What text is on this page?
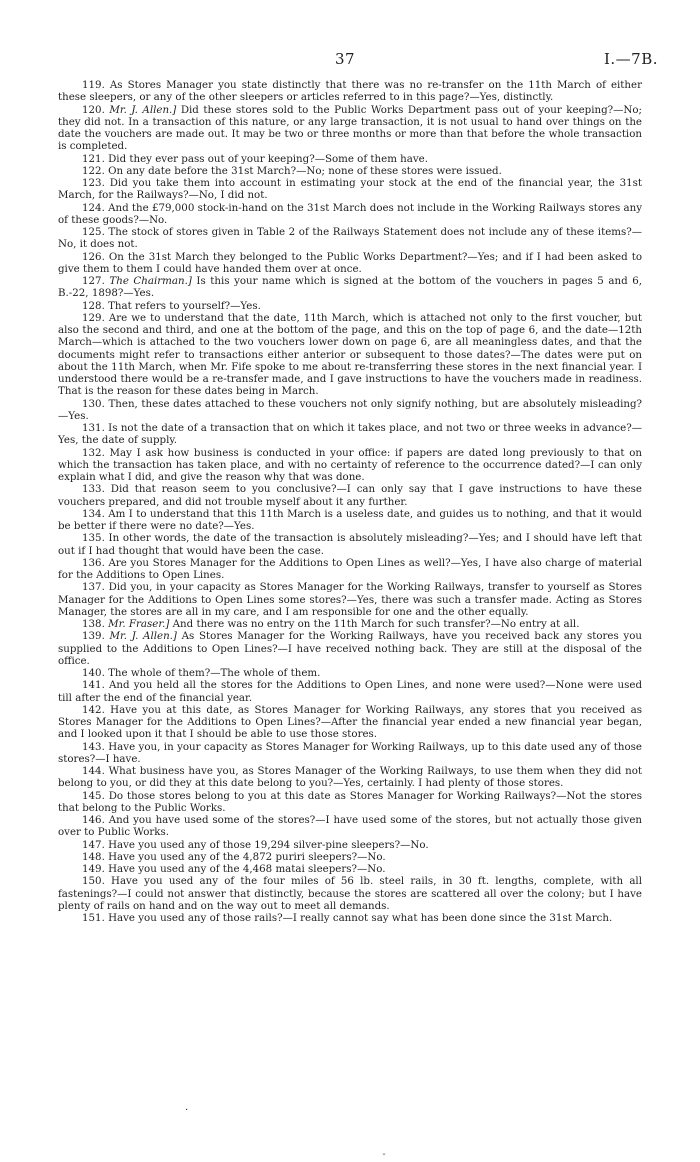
37	I.—7B.

119. As Stores Manager you state distinctly that there was no re-transfer on the 11th March of either these sleepers, or any of the other sleepers or articles referred to in this page?—Yes, distinctly.

120. Mr. J. Allen.] Did these stores sold to the Public Works Department pass out of your keeping?—No; they did not. In a transaction of this nature, or any large transaction, it is not usual to hand over things on the date the vouchers are made out. It may be two or three months or more than that before the whole transaction is completed.

121. Did they ever pass out of your keeping?—Some of them have.

122. On any date before the 31st March?—No; none of these stores were issued.

123. Did you take them into account in estimating your stock at the end of the financial year, the 31st March, for the Railways?—No, I did not.

124. And the £79,000 stock-in-hand on the 31st March does not include in the Working Railways stores any of these goods?—No.

125. The stock of stores given in Table 2 of the Railways Statement does not include any of these items?—No, it does not.

126. On the 31st March they belonged to the Public Works Department?—Yes; and if I had been asked to give them to them I could have handed them over at once.

127. The Chairman.] Is this your name which is signed at the bottom of the vouchers in pages 5 and 6, B.-22, 1898?—Yes.

128. That refers to yourself?—Yes.

129. Are we to understand that the date, 11th March, which is attached not only to the first voucher, but also the second and third, and one at the bottom of the page, and this on the top of page 6, and the date—12th March—which is attached to the two vouchers lower down on page 6, are all meaningless dates, and that the documents might refer to transactions either anterior or subsequent to those dates?—The dates were put on about the 11th March, when Mr. Fife spoke to me about re-transferring these stores in the next financial year. I understood there would be a re-transfer made, and I gave instructions to have the vouchers made in readiness. That is the reason for these dates being in March.

130. Then, these dates attached to these vouchers not only signify nothing, but are absolutely misleading?—Yes.

131. Is not the date of a transaction that on which it takes place, and not two or three weeks in advance?—Yes, the date of supply.

132. May I ask how business is conducted in your office: if papers are dated long previously to that on which the transaction has taken place, and with no certainty of reference to the occurrence dated?—I can only explain what I did, and give the reason why that was done.

133. Did that reason seem to you conclusive?—I can only say that I gave instructions to have these vouchers prepared, and did not trouble myself about it any further.

134. Am I to understand that this 11th March is a useless date, and guides us to nothing, and that it would be better if there were no date?—Yes.

135. In other words, the date of the transaction is absolutely misleading?—Yes; and I should have left that out if I had thought that would have been the case.

136. Are you Stores Manager for the Additions to Open Lines as well?—Yes, I have also charge of material for the Additions to Open Lines.

137. Did you, in your capacity as Stores Manager for the Working Railways, transfer to yourself as Stores Manager for the Additions to Open Lines some stores?—Yes, there was such a transfer made. Acting as Stores Manager, the stores are all in my care, and I am responsible for one and the other equally.

138. Mr. Fraser.] And there was no entry on the 11th March for such transfer?—No entry at all.

139. Mr. J. Allen.] As Stores Manager for the Working Railways, have you received back any stores you supplied to the Additions to Open Lines?—I have received nothing back. They are still at the disposal of the office.

140. The whole of them?—The whole of them.

141. And you held all the stores for the Additions to Open Lines, and none were used?—None were used till after the end of the financial year.

142. Have you at this date, as Stores Manager for Working Railways, any stores that you received as Stores Manager for the Additions to Open Lines?—After the financial year ended a new financial year began, and I looked upon it that I should be able to use those stores.

143. Have you, in your capacity as Stores Manager for Working Railways, up to this date used any of those stores?—I have.

144. What business have you, as Stores Manager of the Working Railways, to use them when they did not belong to you, or did they at this date belong to you?—Yes, certainly. I had plenty of those stores.

145. Do those stores belong to you at this date as Stores Manager for Working Railways?—Not the stores that belong to the Public Works.

146. And you have used some of the stores?—I have used some of the stores, but not actually those given over to Public Works.

147. Have you used any of those 19,294 silver-pine sleepers?—No.

148. Have you used any of the 4,872 puriri sleepers?—No.

149. Have you used any of the 4,468 matai sleepers?—No.

150. Have you used any of the four miles of 56 lb. steel rails, in 30 ft. lengths, complete, with all fastenings?—I could not answer that distinctly, because the stores are scattered all over the colony; but I have plenty of rails on hand and on the way out to meet all demands.

151. Have you used any of those rails?—I really cannot say what has been done since the 31st March.

·
˘
